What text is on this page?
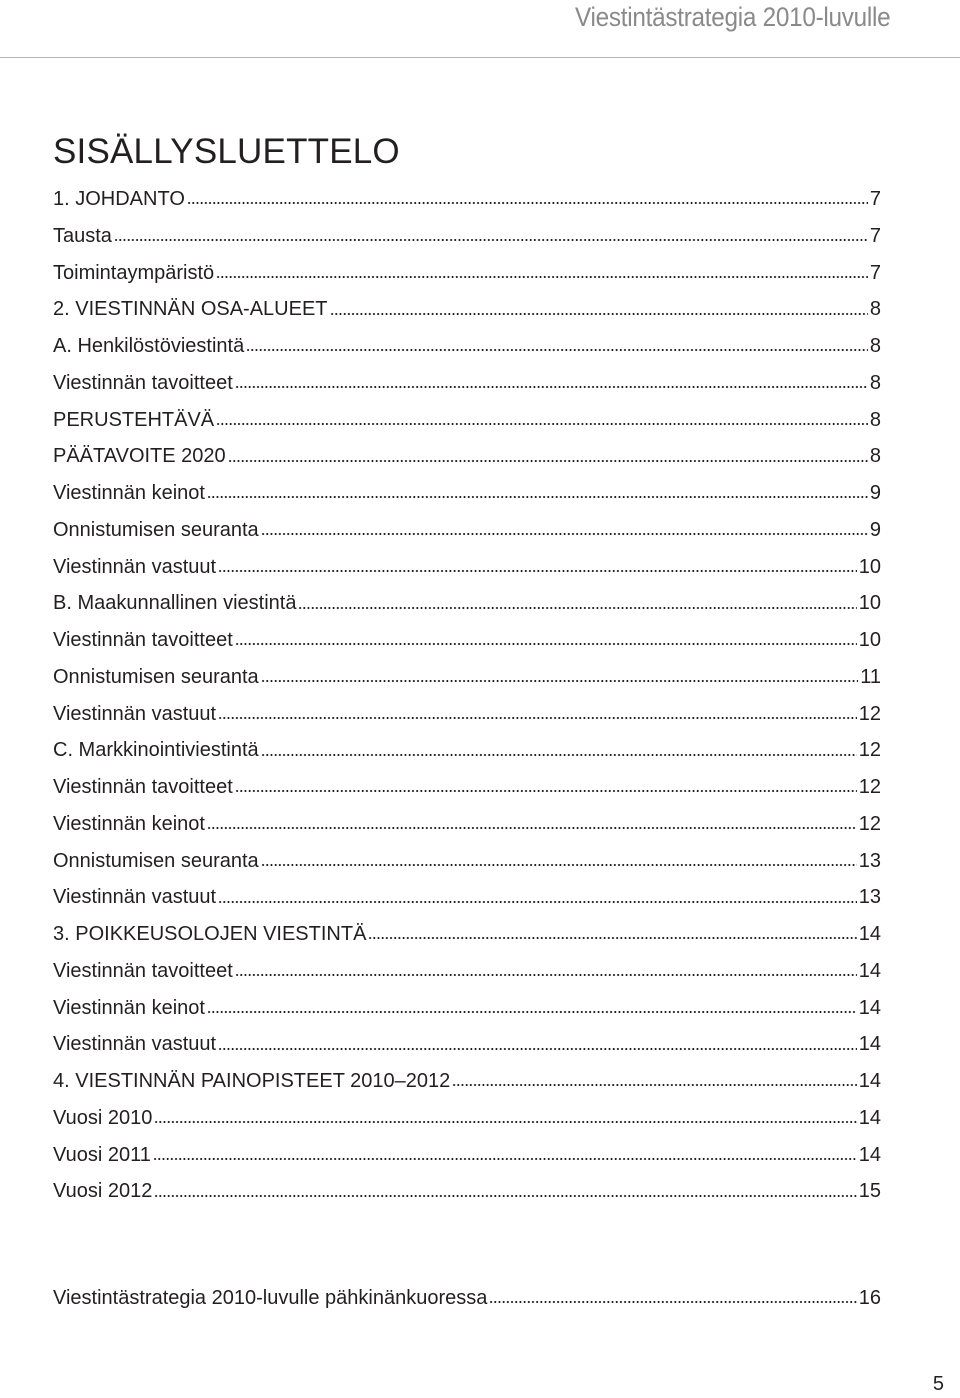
Viestintästrategia 2010-luvulle
SISÄLLYSLUETTELO
1. JOHDANTO	7
Tausta	7
Toimintaympäristö	7
2. VIESTINNÄN OSA-ALUEET	8
A. Henkilöstöviestintä	8
Viestinnän tavoitteet	8
PERUSTEHTÄVÄ	8
PÄÄTAVOITE 2020	8
Viestinnän keinot	9
Onnistumisen seuranta	9
Viestinnän vastuut	10
B. Maakunnallinen viestintä	10
Viestinnän tavoitteet	10
Onnistumisen seuranta	11
Viestinnän vastuut	12
C. Markkinointiviestintä	12
Viestinnän tavoitteet	12
Viestinnän keinot	12
Onnistumisen seuranta	13
Viestinnän vastuut	13
3. POIKKEUSOLOJEN VIESTINTÄ	14
Viestinnän tavoitteet	14
Viestinnän keinot	14
Viestinnän vastuut	14
4. VIESTINNÄN PAINOPISTEET 2010–2012	14
Vuosi 2010	14
Vuosi 2011	14
Vuosi 2012	15
Viestintästrategia 2010-luvulle pähkinänkuoressa	16
5
